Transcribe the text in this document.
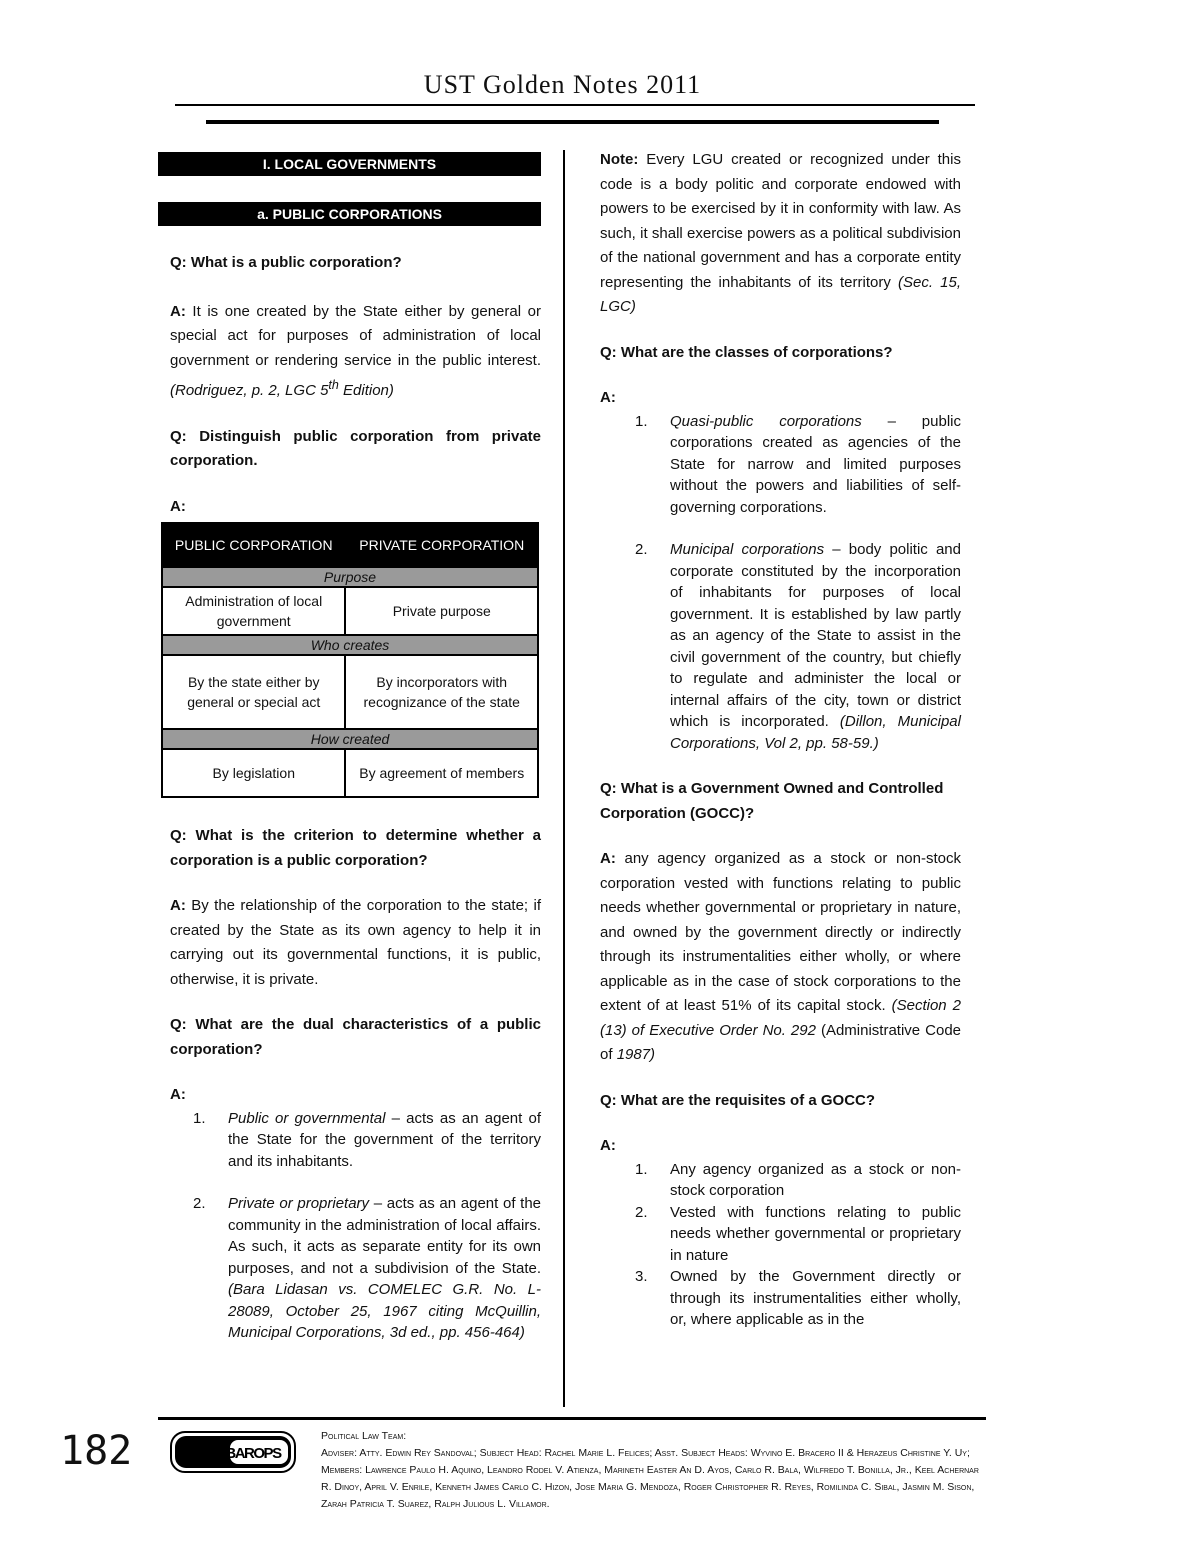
UST Golden Notes 2011
I. LOCAL GOVERNMENTS
a. PUBLIC CORPORATIONS

Q: What is a public corporation?

A: It is one created by the State either by general or special act for purposes of administration of local government or rendering service in the public interest. (Rodriguez, p. 2, LGC 5th Edition)

Q: Distinguish public corporation from private corporation.

A:

PUBLIC CORPORATION	PRIVATE CORPORATION
Purpose	
Administration of local government	Private purpose
Who creates	
By the state either by general or special act	By incorporators with recognizance of the state
How created	
By legislation	By agreement of members

Q: What is the criterion to determine whether a corporation is a public corporation?

A: By the relationship of the corporation to the state; if created by the State as its own agency to help it in carrying out its governmental functions, it is public, otherwise, it is private.

Q: What are the dual characteristics of a public corporation?

A:

1. Public or governmental – acts as an agent of the State for the government of the territory and its inhabitants.
2. Private or proprietary – acts as an agent of the community in the administration of local affairs. As such, it acts as separate entity for its own purposes, and not a subdivision of the State. (Bara Lidasan vs. COMELEC G.R. No. L-28089, October 25, 1967 citing McQuillin, Municipal Corporations, 3d ed., pp. 456-464)

Note: Every LGU created or recognized under this code is a body politic and corporate endowed with powers to be exercised by it in conformity with law. As such, it shall exercise powers as a political subdivision of the national government and has a corporate entity representing the inhabitants of its territory (Sec. 15, LGC)

Q: What are the classes of corporations?

A:

1. Quasi-public corporations – public corporations created as agencies of the State for narrow and limited purposes without the powers and liabilities of self-governing corporations.
2. Municipal corporations – body politic and corporate constituted by the incorporation of inhabitants for purposes of local government. It is established by law partly as an agency of the State to assist in the civil government of the country, but chiefly to regulate and administer the local or internal affairs of the city, town or district which is incorporated. (Dillon, Municipal Corporations, Vol 2, pp. 58-59.)

Q: What is a Government Owned and Controlled Corporation (GOCC)?

A: any agency organized as a stock or non-stock corporation vested with functions relating to public needs whether governmental or proprietary in nature, and owned by the government directly or indirectly through its instrumentalities either wholly, or where applicable as in the case of stock corporations to the extent of at least 51% of its capital stock. (Section 2 (13) of Executive Order No. 292 (Administrative Code of 1987)

Q: What are the requisites of a GOCC?

A:

1. Any agency organized as a stock or non-stock corporation
2. Vested with functions relating to public needs whether governmental or proprietary in nature
3. Owned by the Government directly or through its instrumentalities either wholly, or, where applicable as in the
182	TEAM:BAROPS
Political Law Team:
Adviser: Atty. Edwin Rey Sandoval; Subject Head: Rachel Marie L. Felices; Asst. Subject Heads: Wyvino E. Bracero II & Herazeus Christine Y. Uy; Members: Lawrence Paulo H. Aquino, Leandro Rodel V. Atienza, Marineth Easter An D. Ayos, Carlo R. Bala, Wilfredo T. Bonilla, Jr., Keel Achernar R. Dinoy, April V. Enrile, Kenneth James Carlo C. Hizon, Jose Maria G. Mendoza, Roger Christopher R. Reyes, Romilinda C. Sibal, Jasmin M. Sison, Zarah Patricia T. Suarez, Ralph Julious L. Villamor.
